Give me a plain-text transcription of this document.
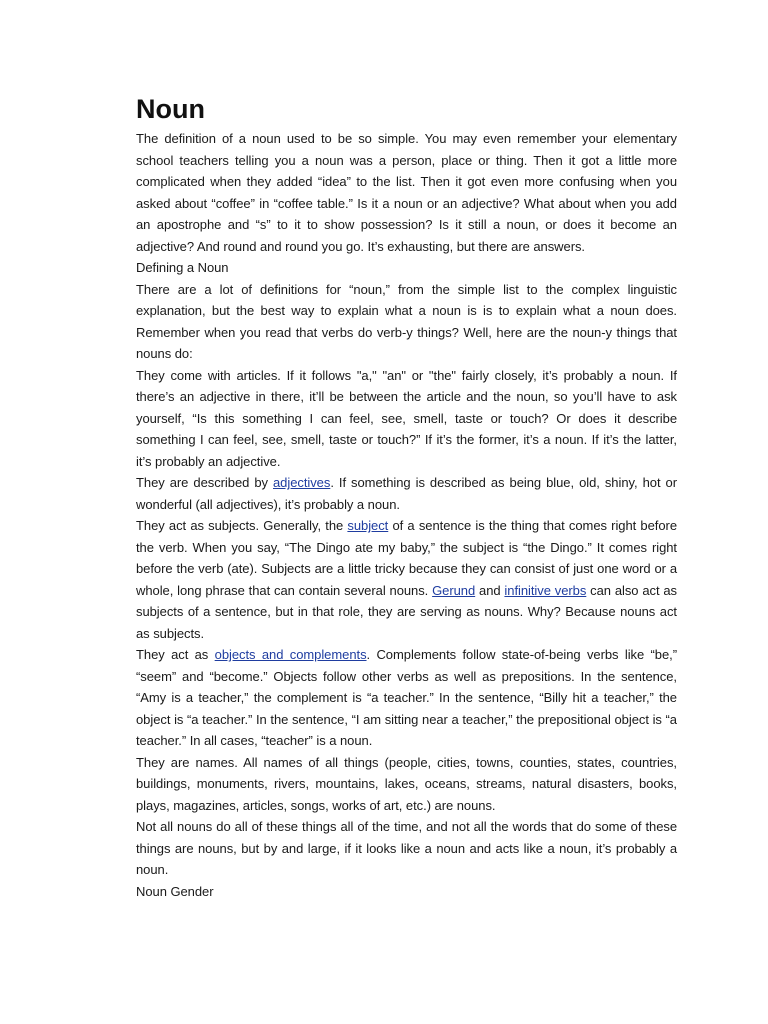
Noun

The definition of a noun used to be so simple. You may even remember your elementary school teachers telling you a noun was a person, place or thing. Then it got a little more complicated when they added “idea” to the list. Then it got even more confusing when you asked about “coffee” in “coffee table.” Is it a noun or an adjective? What about when you add an apostrophe and “s” to it to show possession? Is it still a noun, or does it become an adjective? And round and round you go. It’s exhausting, but there are answers.

Defining a Noun

There are a lot of definitions for “noun,” from the simple list to the complex linguistic explanation, but the best way to explain what a noun is is to explain what a noun does. Remember when you read that verbs do verb-y things? Well, here are the noun-y things that nouns do:

They come with articles. If it follows "a," "an" or "the" fairly closely, it’s probably a noun. If there’s an adjective in there, it’ll be between the article and the noun, so you’ll have to ask yourself, “Is this something I can feel, see, smell, taste or touch? Or does it describe something I can feel, see, smell, taste or touch?” If it’s the former, it’s a noun. If it’s the latter, it’s probably an adjective.

They are described by adjectives. If something is described as being blue, old, shiny, hot or wonderful (all adjectives), it’s probably a noun.

They act as subjects. Generally, the subject of a sentence is the thing that comes right before the verb. When you say, “The Dingo ate my baby,” the subject is “the Dingo.” It comes right before the verb (ate). Subjects are a little tricky because they can consist of just one word or a whole, long phrase that can contain several nouns. Gerund and infinitive verbs can also act as subjects of a sentence, but in that role, they are serving as nouns. Why? Because nouns act as subjects.

They act as objects and complements. Complements follow state-of-being verbs like “be,” “seem” and “become.” Objects follow other verbs as well as prepositions. In the sentence, “Amy is a teacher,” the complement is “a teacher.” In the sentence, “Billy hit a teacher,” the object is “a teacher.” In the sentence, “I am sitting near a teacher,” the prepositional object is “a teacher.” In all cases, “teacher” is a noun.

They are names. All names of all things (people, cities, towns, counties, states, countries, buildings, monuments, rivers, mountains, lakes, oceans, streams, natural disasters, books, plays, magazines, articles, songs, works of art, etc.) are nouns.

Not all nouns do all of these things all of the time, and not all the words that do some of these things are nouns, but by and large, if it looks like a noun and acts like a noun, it’s probably a noun.

Noun Gender
